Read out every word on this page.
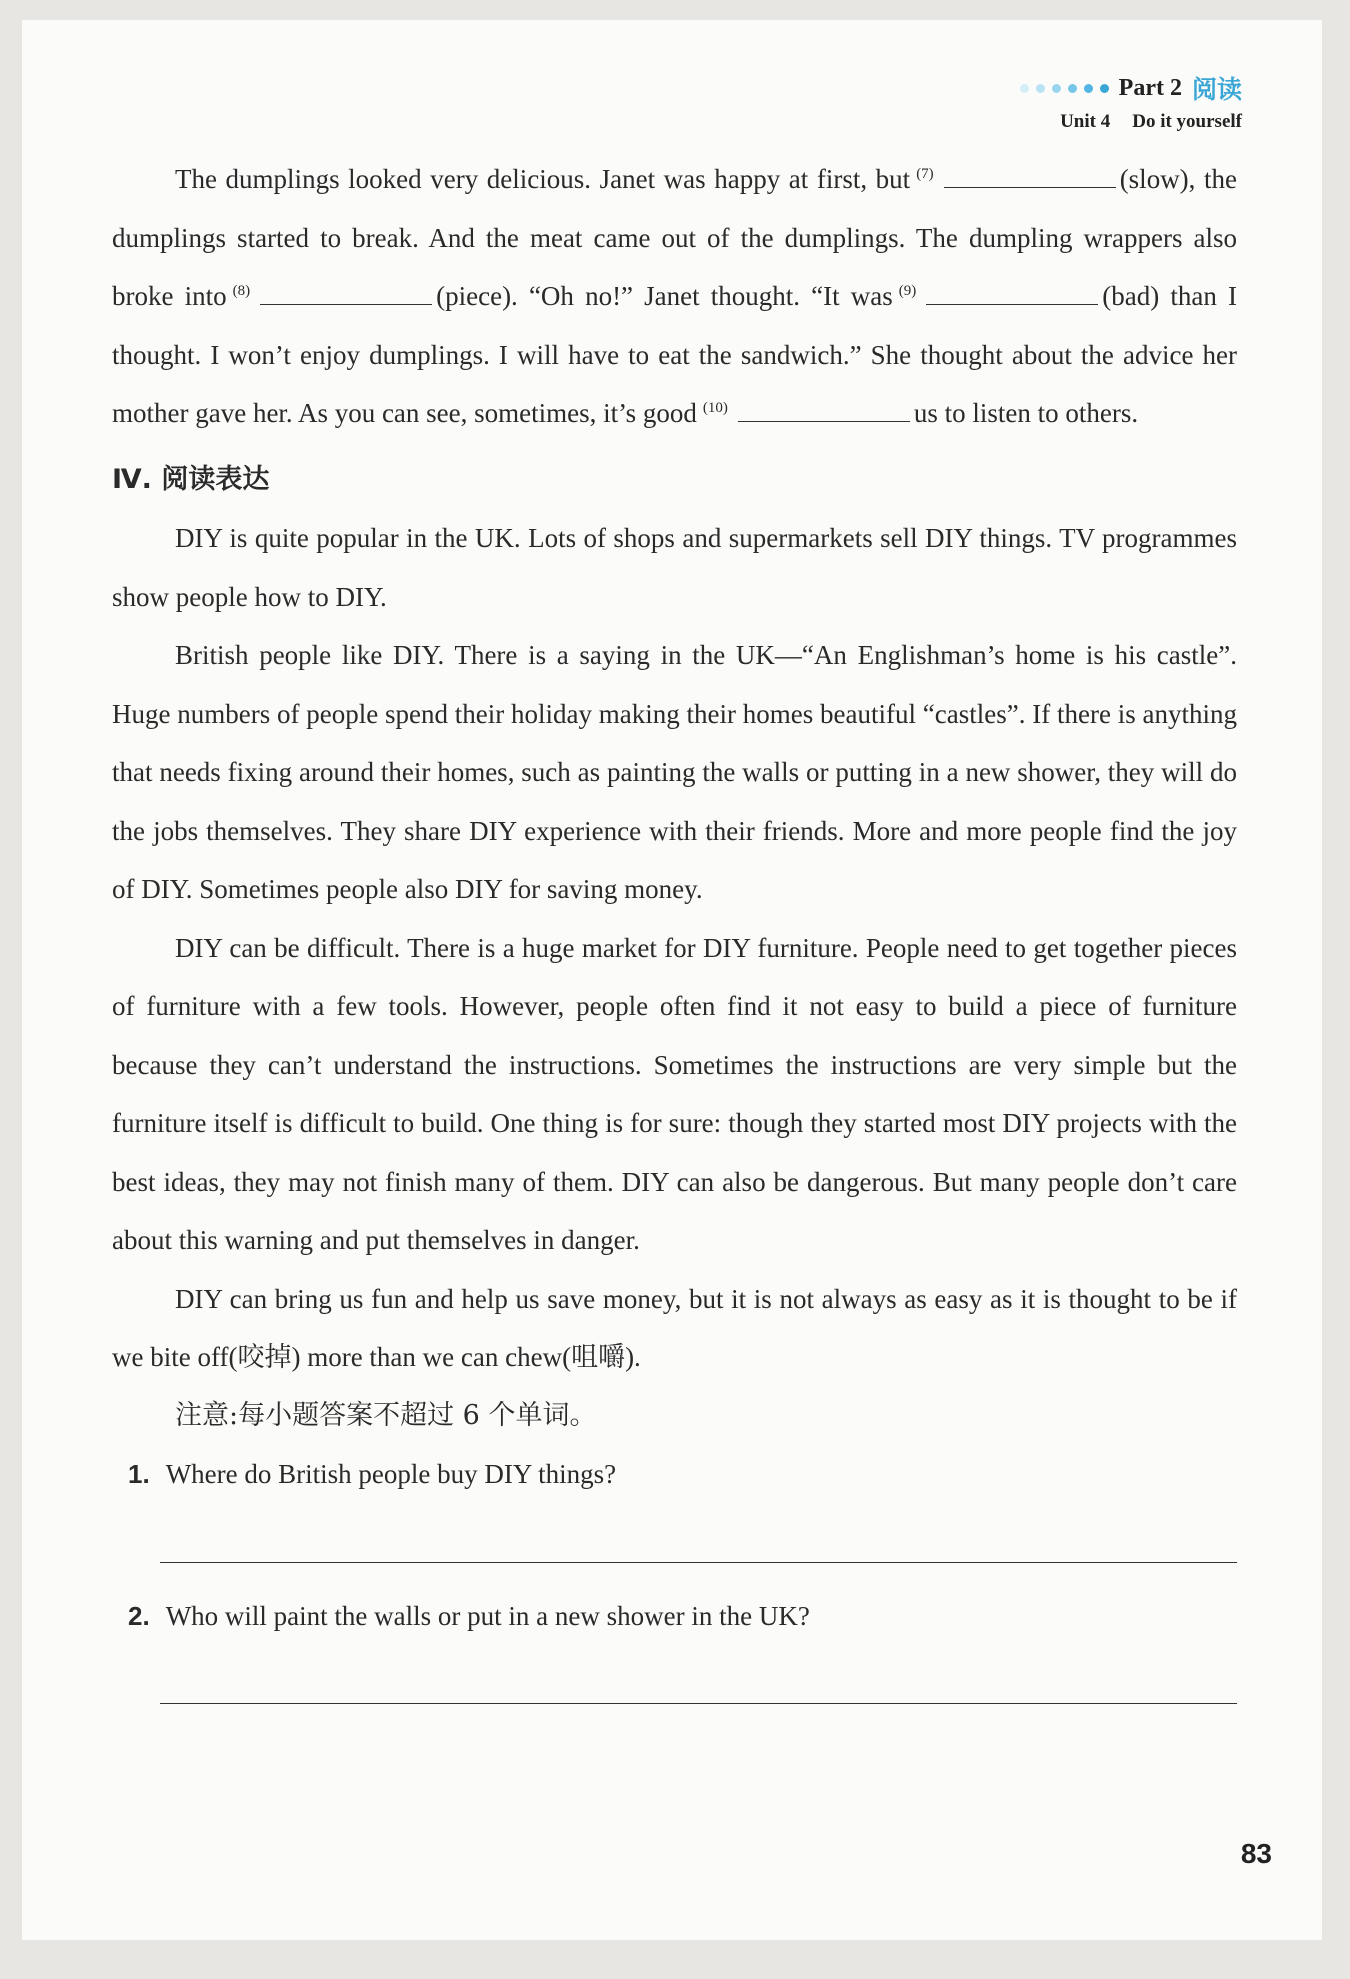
Part 2 阅读
Unit 4 Do it yourself

The dumplings looked very delicious. Janet was happy at first, but $^{(7)}$	(slow), the dumplings started to break. And the meat came out of the dumplings. The dumpling wrappers also broke into $^{(8)}$	(piece). “Oh no!” Janet thought. “It was $^{(9)}$	(bad) than I thought. I won’t enjoy dumplings. I will have to eat the sandwich.” She thought about the advice her mother gave her. As you can see, sometimes, it’s good $^{(10)}$	us to listen to others.

Ⅳ. 阅读表达

DIY is quite popular in the UK. Lots of shops and supermarkets sell DIY things. TV programmes show people how to DIY.

British people like DIY. There is a saying in the UK—“An Englishman’s home is his castle”. Huge numbers of people spend their holiday making their homes beautiful “castles”. If there is anything that needs fixing around their homes, such as painting the walls or putting in a new shower, they will do the jobs themselves. They share DIY experience with their friends. More and more people find the joy of DIY. Sometimes people also DIY for saving money.

DIY can be difficult. There is a huge market for DIY furniture. People need to get together pieces of furniture with a few tools. However, people often find it not easy to build a piece of furniture because they can’t understand the instructions. Sometimes the instructions are very simple but the furniture itself is difficult to build. One thing is for sure: though they started most DIY projects with the best ideas, they may not finish many of them. DIY can also be dangerous. But many people don’t care about this warning and put themselves in danger.

DIY can bring us fun and help us save money, but it is not always as easy as it is thought to be if we bite off(咬掉) more than we can chew(咀嚼).

注意:每小题答案不超过 6 个单词。

1. Where do British people buy DIY things?
2. Who will paint the walls or put in a new shower in the UK?
83
